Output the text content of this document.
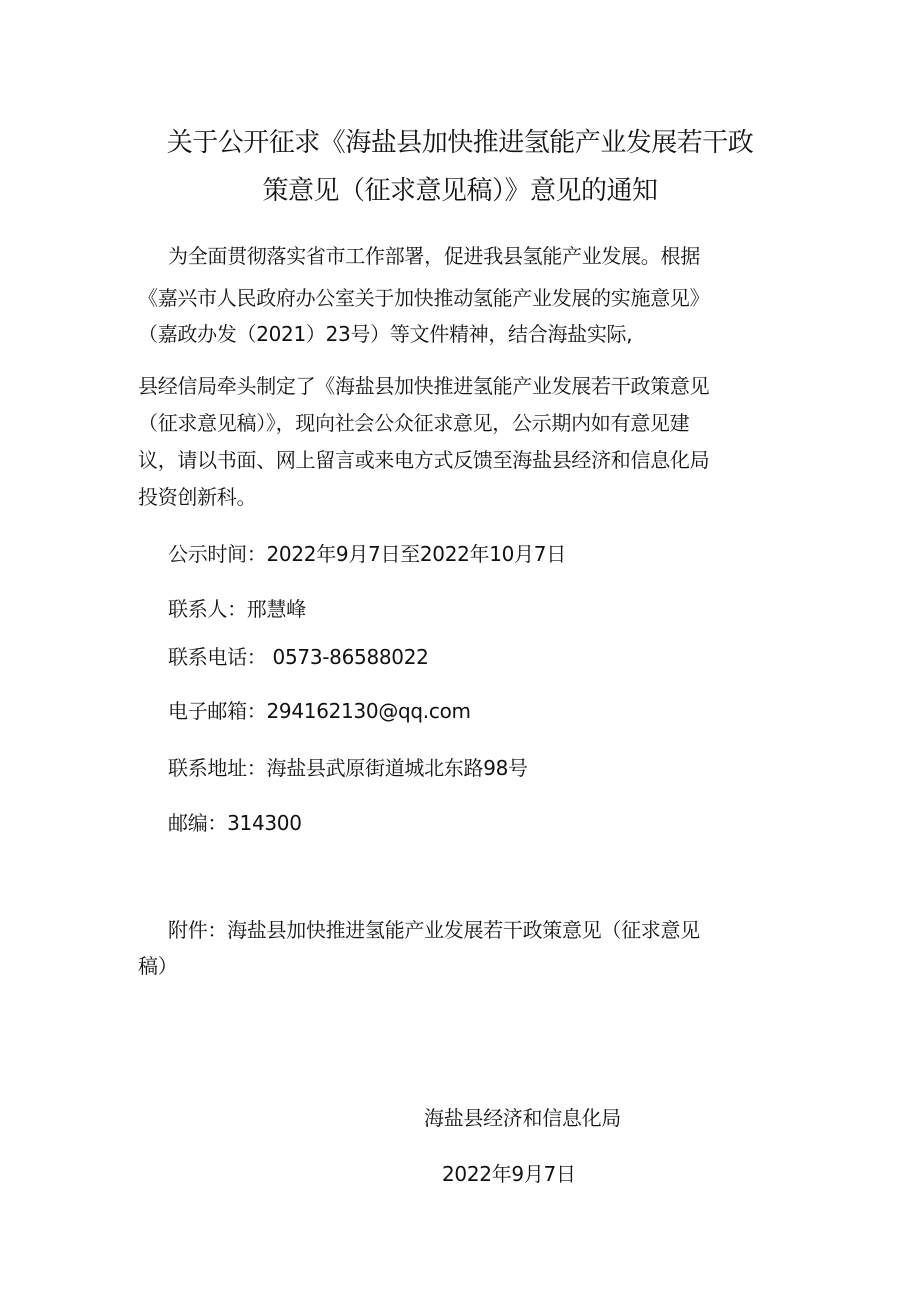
关于公开征求《海盐县加快推进氢能产业发展若干政
策意见（征求意见稿）》意见的通知
为全面贯彻落实省市工作部署，促进我县氢能产业发展。根据
《嘉兴市人民政府办公室关于加快推动氢能产业发展的实施意见》
（嘉政办发（2021）23号）等文件精神，结合海盐实际,
县经信局牵头制定了《海盐县加快推进氢能产业发展若干政策意见
（征求意见稿）》，现向社会公众征求意见，公示期内如有意见建
议，请以书面、网上留言或来电方式反馈至海盐县经济和信息化局
投资创新科。
公示时间：2022年9月7日至2022年10月7日
联系人：邢慧峰
联系电话： 0573-86588022
电子邮箱：294162130@qq.com
联系地址：海盐县武原街道城北东路98号
邮编：314300
附件：海盐县加快推进氢能产业发展若干政策意见（征求意见
稿）
海盐县经济和信息化局
2022年9月7日
